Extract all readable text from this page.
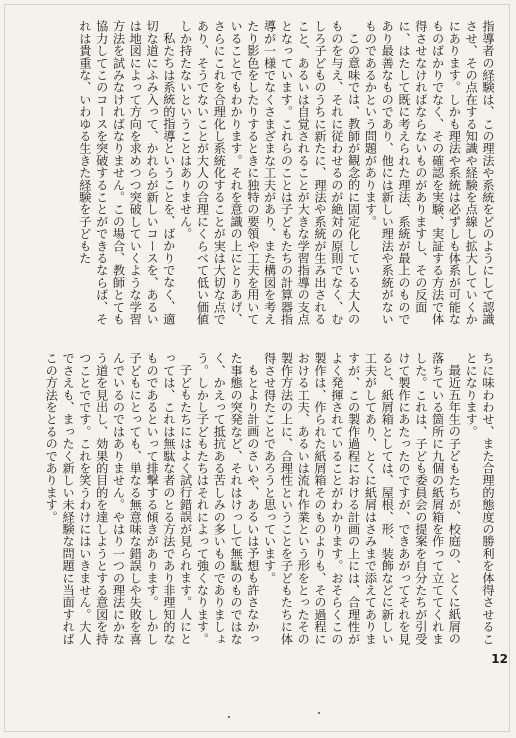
指導者の経験は、この理法や系統をどのようにして認識させ、その点在する知識や経験を点線し拡大していくかにあります。しかも理法や系統は必ずしも体系が可能なものばかりでなく、その確認を実験、実証する方法で体得させなければならないものがありますし、その反面に、はたして既に考えられた理法、系統が最上のものであり最善なものであり、他には新しい理法や系統がないものであるかという問題があります。

この意味では、教師が観念的に固定化している大人のものを与え、それに従わせるのが絶対の原則でなく、むしろ子どものうちに新たに、理法や系統が生み出されること、あるいは自覚されることが大きな学習指導の支点となっています。これらのことは子どもたちの計算器指導が一様でなくさまざまな工夫があり、また構図を考えたり影色をしたりするときに独特の要領や工夫を用いていることでもわかります。それを意識の上にとりあげ、さらにこれを合理化し系統化することが実は大切な点であり、そうでないことが大人の合理にくらべて低い価値しか持たないということはありません。

私たちは系統的指導ということを、ばかりでなく、適切な道にふみ入って、かれらが新しいコースを、あるいは地図によって方向を求めつつ突破していくような学習方法を試みなければなりません。この場合、教師とても協力してこのコースを突破することができるならば、それは貴重な、いわゆる生きた経験を子どもた

ちに味わわせ、また合理的態度の勝利を体得させることになります。

最近五年生の子どもたちが、校庭の、とくに紙屑の落ちている箇所に九個の紙屑箱を作って立ててくれました。これは、子ども委員会の提案を自分たちが引受けて製作にあたったのですが、できあがってそれを見ると、紙屑箱としては、屋根、形、装飾などに新しい工夫がしてあり、とくに紙屑はさみまで添えてありますが、この製作過程における計画の上には、合理性がよく発揮されていることがわかります。おそらくこの製作は、作られた紙屑箱そのものよりも、その過程における工夫、あるいは流れ作業という形をとったその製作方法の上に、合理性ということを子どもたちに体得させ得たことであろうと思っています。

もとより計画のさいや、あるいは予想も許さなかった事態の突発など、それはけっして無駄のものではなく、かえって抵抗ある苦しみの多いものでありましょう。しかし子どもたちはそれによって強くなります。

子どもたちにはよく試行錯誤が見られます。人にとっては、これは無駄な者のとる方法であり非理知的なものであるといって排撃する傾きがあります。しかし子どもにとっても、単なる無意味な錯誤しや失敗を喜んでいるのではありません。やはり一つの理法にかなう道を見出し、効果的目的を達しようとする意図を持つことでです。これを笑うわけにはいきません。大人でさえも、まったく新しい未経験な問題に当面すればこの方法をとるのであります。

12
